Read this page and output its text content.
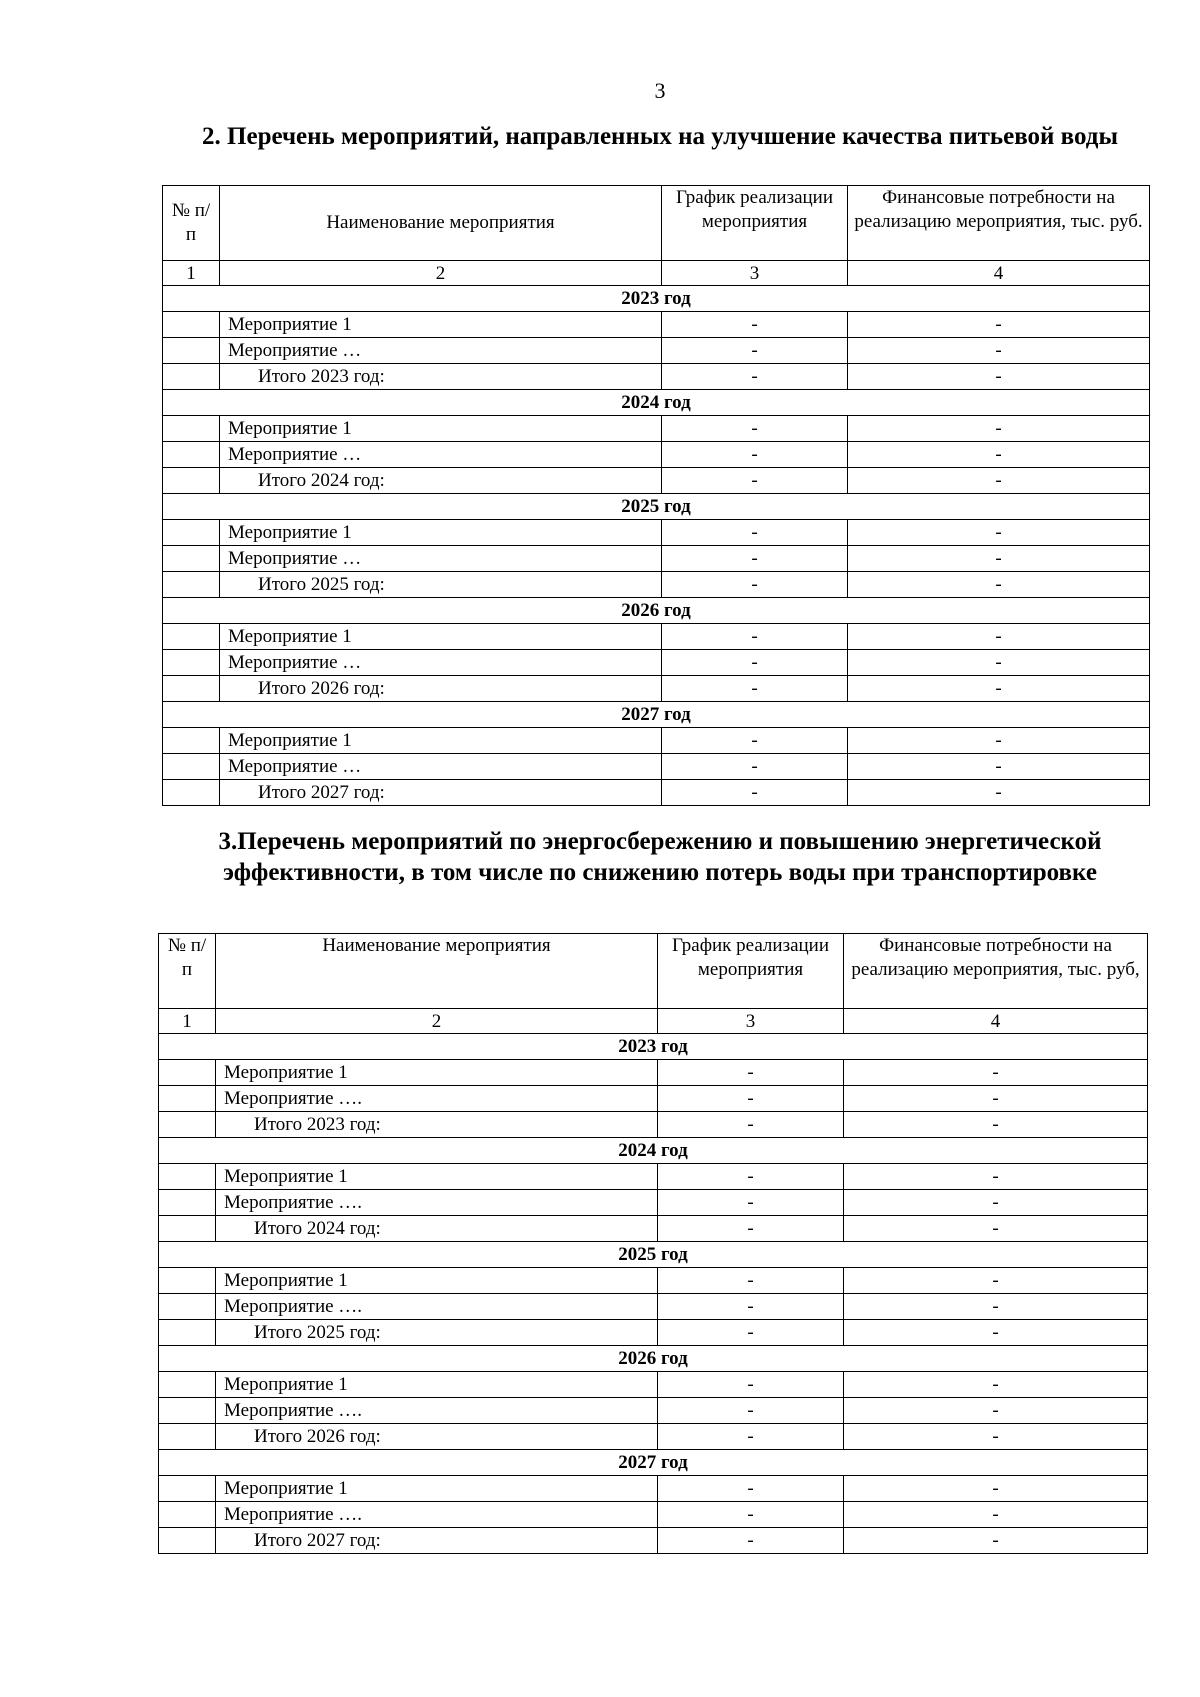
3
2. Перечень мероприятий, направленных на улучшение качества питьевой воды
№ п/п	Наименование мероприятия	График реализации мероприятия	Финансовые потребности на реализацию мероприятия, тыс. руб.
1	2	3	4
2023 год			
	Мероприятие 1	-	-
	Мероприятие …	-	-
	Итого 2023 год:	-	-
2024 год			
	Мероприятие 1	-	-
	Мероприятие …	-	-
	Итого 2024 год:	-	-
2025 год			
	Мероприятие 1	-	-
	Мероприятие …	-	-
	Итого 2025 год:	-	-
2026 год			
	Мероприятие 1	-	-
	Мероприятие …	-	-
	Итого 2026 год:	-	-
2027 год			
	Мероприятие 1	-	-
	Мероприятие …	-	-
	Итого 2027 год:	-	-
3.Перечень мероприятий по энергосбережению и повышению энергетической эффективности, в том числе по снижению потерь воды при транспортировке
№ п/п	Наименование мероприятия	График реализации мероприятия	Финансовые потребности на реализацию мероприятия, тыс. руб,
1	2	3	4
2023 год			
	Мероприятие 1	-	-
	Мероприятие ….	-	-
	Итого 2023 год:	-	-
2024 год			
	Мероприятие 1	-	-
	Мероприятие ….	-	-
	Итого 2024 год:	-	-
2025 год			
	Мероприятие 1	-	-
	Мероприятие ….	-	-
	Итого 2025 год:	-	-
2026 год			
	Мероприятие 1	-	-
	Мероприятие ….	-	-
	Итого 2026 год:	-	-
2027 год			
	Мероприятие 1	-	-
	Мероприятие ….	-	-
	Итого 2027 год:	-	-
